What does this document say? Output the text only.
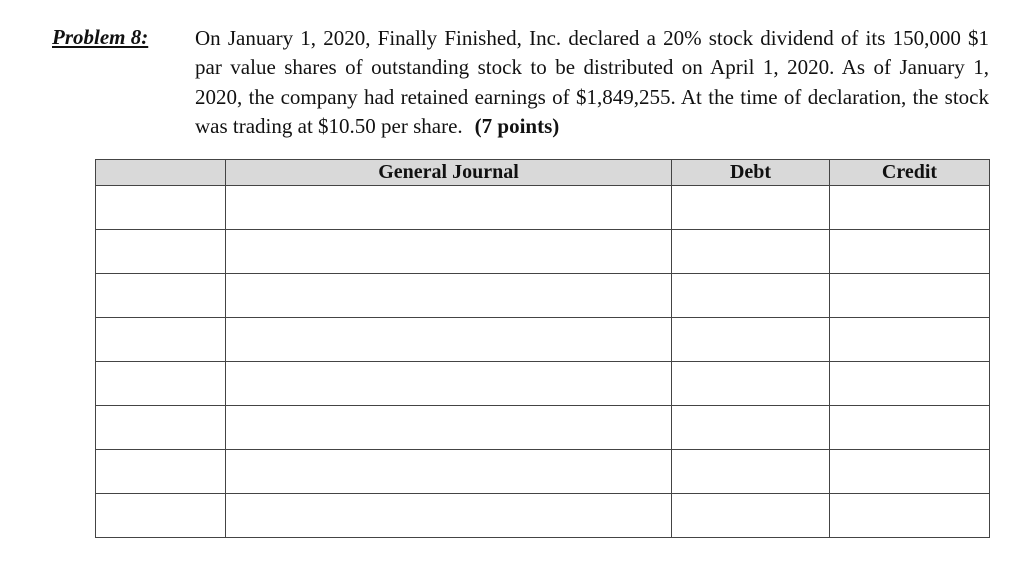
Problem 8: On January 1, 2020, Finally Finished, Inc. declared a 20% stock dividend of its 150,000 $1 par value shares of outstanding stock to be distributed on April 1, 2020. As of January 1, 2020, the company had retained earnings of $1,849,255. At the time of declaration, the stock was trading at $10.50 per share. (7 points)
	General Journal	Debt	Credit
